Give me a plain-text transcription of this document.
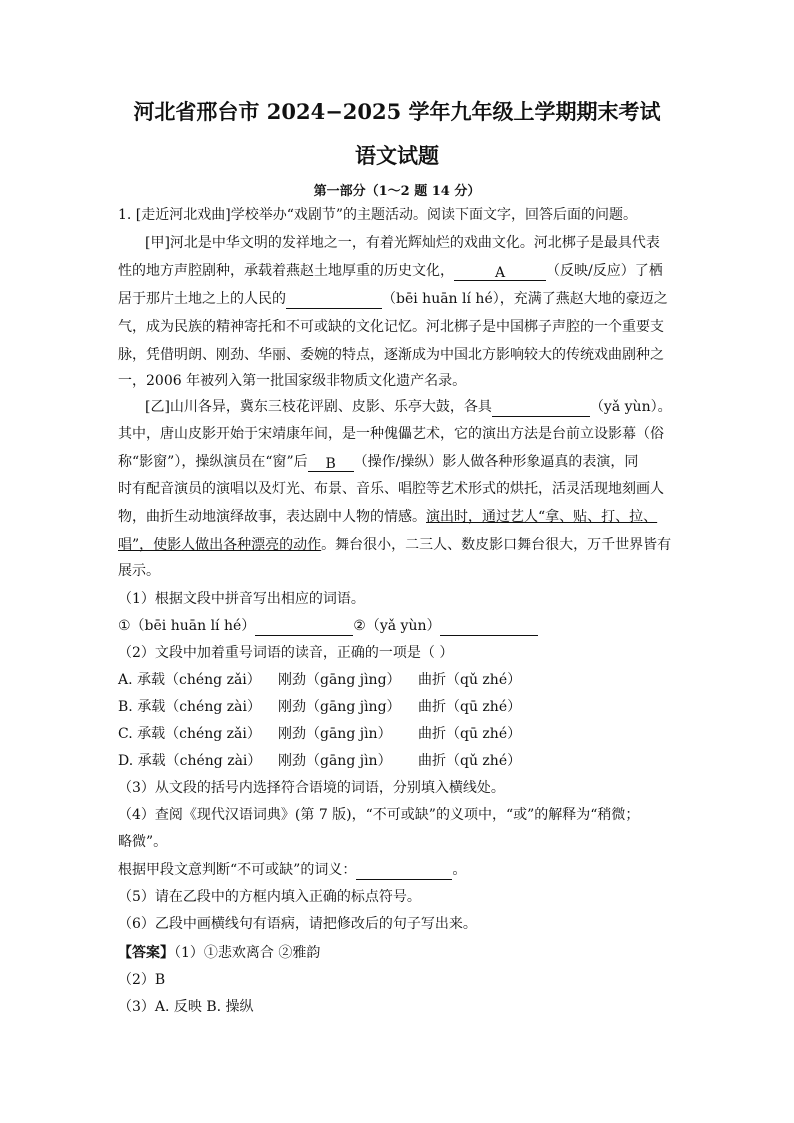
河北省邢台市 2024−2025 学年九年级上学期期末考试
语文试题
第一部分（1～2 题 14 分）
1. [走近河北戏曲]学校举办“戏剧节”的主题活动。阅读下面文字，回答后面的问题。
[甲]河北是中华文明的发祥地之一，有着光辉灿烂的戏曲文化。河北梆子是最具代表
性的地方声腔剧种，承载着燕赵土地厚重的历史文化，	A	（反映/反应）了栖
居于那片土地之上的人民的	（bēi huān lí hé），充满了燕赵大地的豪迈之
气，成为民族的精神寄托和不可或缺的文化记忆。河北梆子是中国梆子声腔的一个重要支
脉，凭借明朗、刚劲、华丽、委婉的特点，逐渐成为中国北方影响较大的传统戏曲剧种之
一，2006 年被列入第一批国家级非物质文化遗产名录。
[乙]山川各异，冀东三枝花评剧、皮影、乐亭大鼓，各具	（yǎ yùn）。
其中，唐山皮影开始于宋靖康年间，是一种傀儡艺术，它的演出方法是台前立设影幕（俗
称“影窗”），操纵演员在“窗”后 B （操作/操纵）影人做各种形象逼真的表演，同
时有配音演员的演唱以及灯光、布景、音乐、唱腔等艺术形式的烘托，活灵活现地刻画人
物，曲折生动地演绎故事，表达剧中人物的情感。演出时，通过艺人“拿、贴、打、拉、
唱”，使影人做出各种漂亮的动作。舞台很小，二三人、数皮影口舞台很大，万千世界皆有
展示。
（1）根据文段中拼音写出相应的词语。
①（bēi huān lí hé）	②（yǎ yùn）
（2）文段中加着重号词语的读音，正确的一项是（ ）
A. 承载（chéng zǎi） 刚劲（gāng jìng） 曲折（qǔ zhé）
B. 承载（chéng zài） 刚劲（gāng jìng） 曲折（qū zhé）
C. 承载（chéng zǎi） 刚劲（gāng jìn） 曲折（qū zhé）
D. 承载（chéng zài） 刚劲（gāng jìn） 曲折（qǔ zhé）
（3）从文段的括号内选择符合语境的词语，分别填入横线处。
（4）查阅《现代汉语词典》(第 7 版)，“不可或缺”的义项中，“或”的解释为“稍微；
略微”。
根据甲段文意判断“不可或缺”的词义：	。
（5）请在乙段中的方框内填入正确的标点符号。
（6）乙段中画横线句有语病，请把修改后的句子写出来。
【答案】（1）①悲欢离合 ②雅韵
（2）B
（3）A. 反映 B. 操纵
